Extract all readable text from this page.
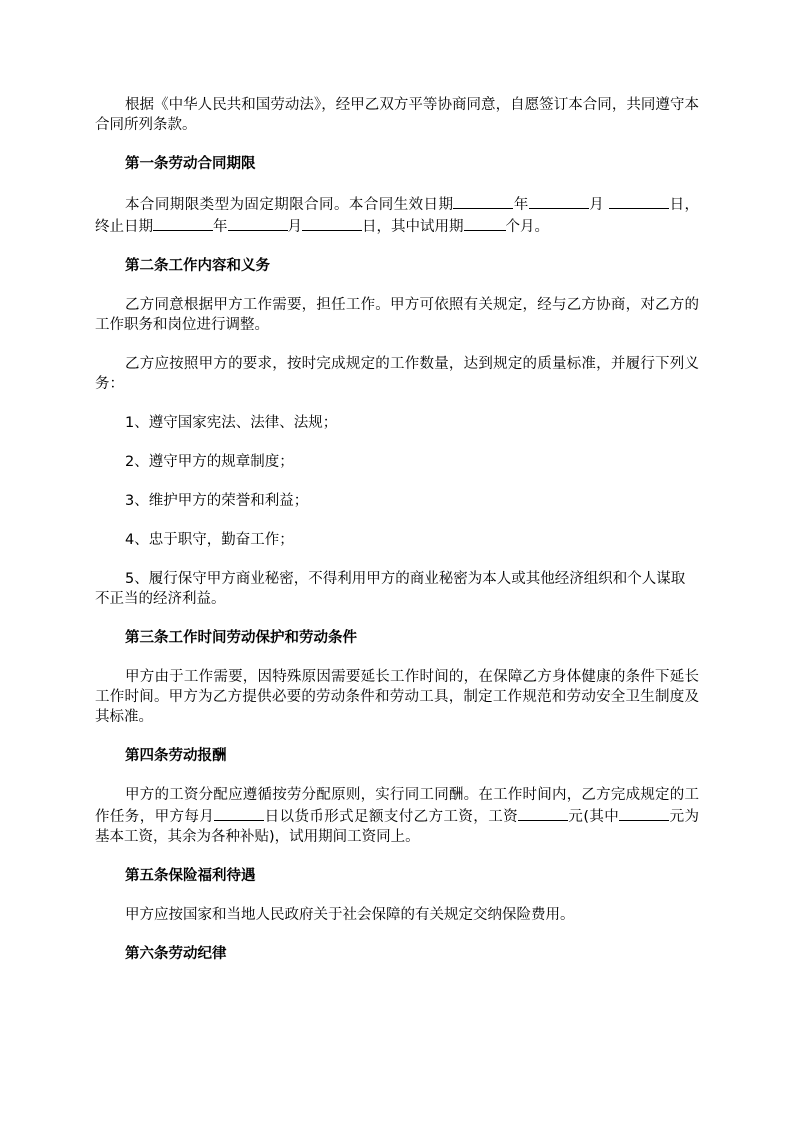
根据《中华人民共和国劳动法》，经甲乙双方平等协商同意，自愿签订本合同，共同遵守本合同所列条款。

第一条劳动合同期限

本合同期限类型为固定期限合同。本合同生效日期	年	月	日，终止日期	年	月	日，其中试用期	个月。

第二条工作内容和义务

乙方同意根据甲方工作需要，担任工作。甲方可依照有关规定，经与乙方协商，对乙方的工作职务和岗位进行调整。

乙方应按照甲方的要求，按时完成规定的工作数量，达到规定的质量标准，并履行下列义务：

1、遵守国家宪法、法律、法规；

2、遵守甲方的规章制度；

3、维护甲方的荣誉和利益；

4、忠于职守，勤奋工作；

5、履行保守甲方商业秘密，不得利用甲方的商业秘密为本人或其他经济组织和个人谋取不正当的经济利益。

第三条工作时间劳动保护和劳动条件

甲方由于工作需要，因特殊原因需要延长工作时间的，在保障乙方身体健康的条件下延长工作时间。甲方为乙方提供必要的劳动条件和劳动工具，制定工作规范和劳动安全卫生制度及其标准。

第四条劳动报酬

甲方的工资分配应遵循按劳分配原则，实行同工同酬。在工作时间内，乙方完成规定的工作任务，甲方每月	日以货币形式足额支付乙方工资，工资	元(其中	元为基本工资，其余为各种补贴)，试用期间工资同上。

第五条保险福利待遇

甲方应按国家和当地人民政府关于社会保障的有关规定交纳保险费用。

第六条劳动纪律
